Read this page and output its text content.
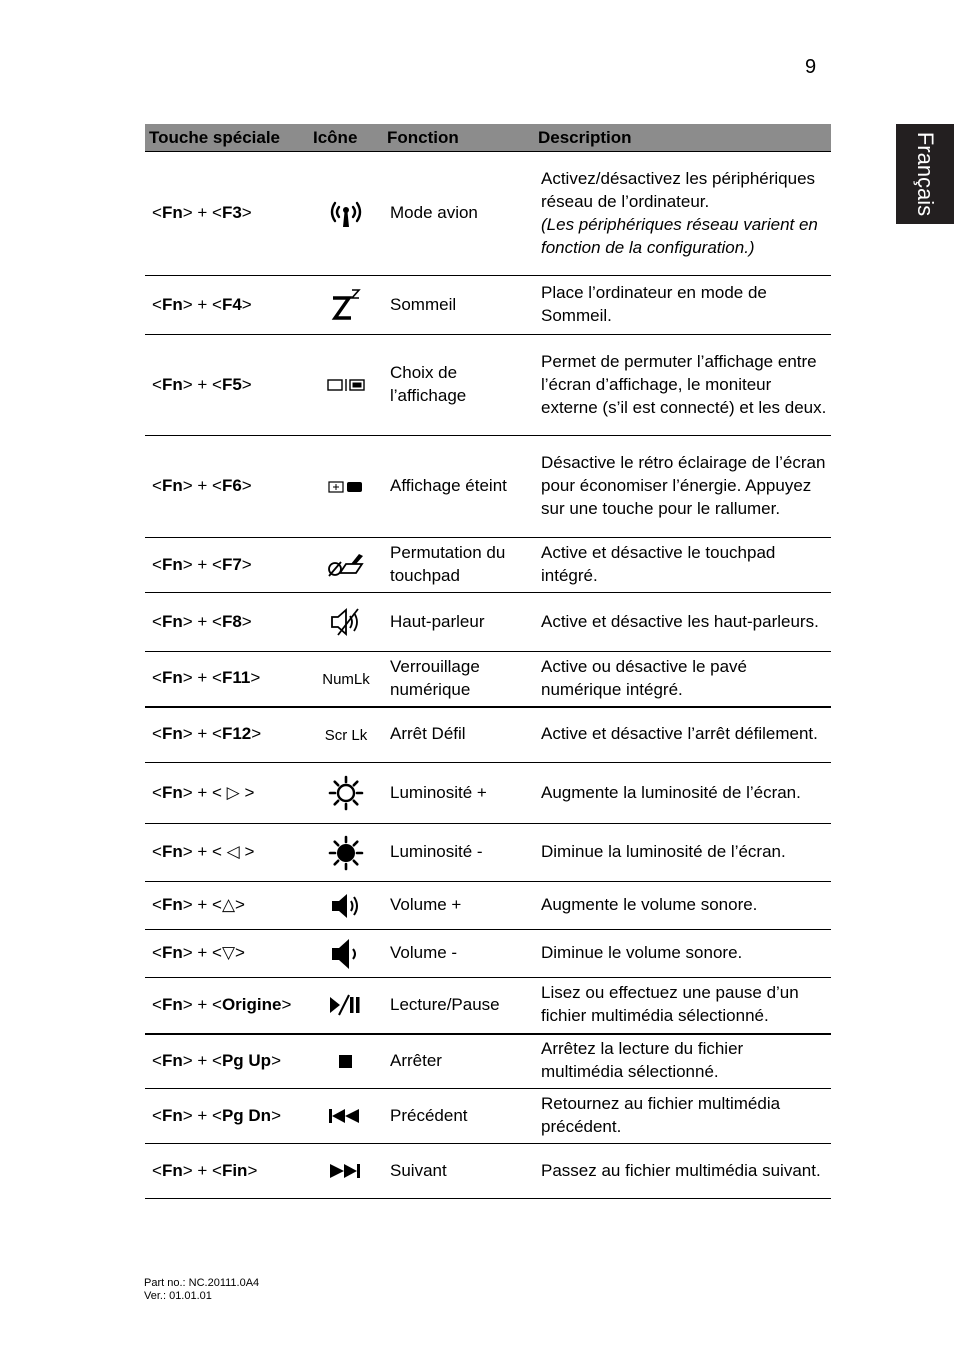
9
Français
Touche spéciale	Icône	Fonction	Description
<Fn> + <F3>		Mode avion	Activez/désactivez les périphériques réseau de l’ordinateur.
(Les périphériques réseau varient en fonction de la configuration.)

<Fn> + <F4>		Sommeil	Place l’ordinateur en mode de Sommeil.
<Fn> + <F5>		Choix de l’affichage	Permet de permuter l’affichage entre l’écran d’affichage, le moniteur externe (s’il est connecté) et les deux.
<Fn> + <F6>		Affichage éteint	Désactive le rétro éclairage de l’écran pour économiser l’énergie. Appuyez sur une touche pour le rallumer.
<Fn> + <F7>		Permutation du touchpad	Active et désactive le touchpad intégré.
<Fn> + <F8>		Haut-parleur	Active et désactive les haut-parleurs.
<Fn> + <F11>	NumLk	Verrouillage numérique	Active ou désactive le pavé numérique intégré.
<Fn> + <F12>	Scr Lk	Arrêt Défil	Active et désactive l’arrêt défilement.
<Fn> + < ▷ >		Luminosité +	Augmente la luminosité de l’écran.
<Fn> + < ◁ >		Luminosité -	Diminue la luminosité de l’écran.
<Fn> + <△>		Volume +	Augmente le volume sonore.
<Fn> + <▽>		Volume -	Diminue le volume sonore.
<Fn> + <Origine>		Lecture/Pause	Lisez ou effectuez une pause d’un fichier multimédia sélectionné.
<Fn> + <Pg Up>		Arrêter	Arrêtez la lecture du fichier multimédia sélectionné.
<Fn> + <Pg Dn>		Précédent	Retournez au fichier multimédia précédent.
<Fn> + <Fin>		Suivant	Passez au fichier multimédia suivant.
Part no.: NC.20111.0A4
Ver.: 01.01.01
